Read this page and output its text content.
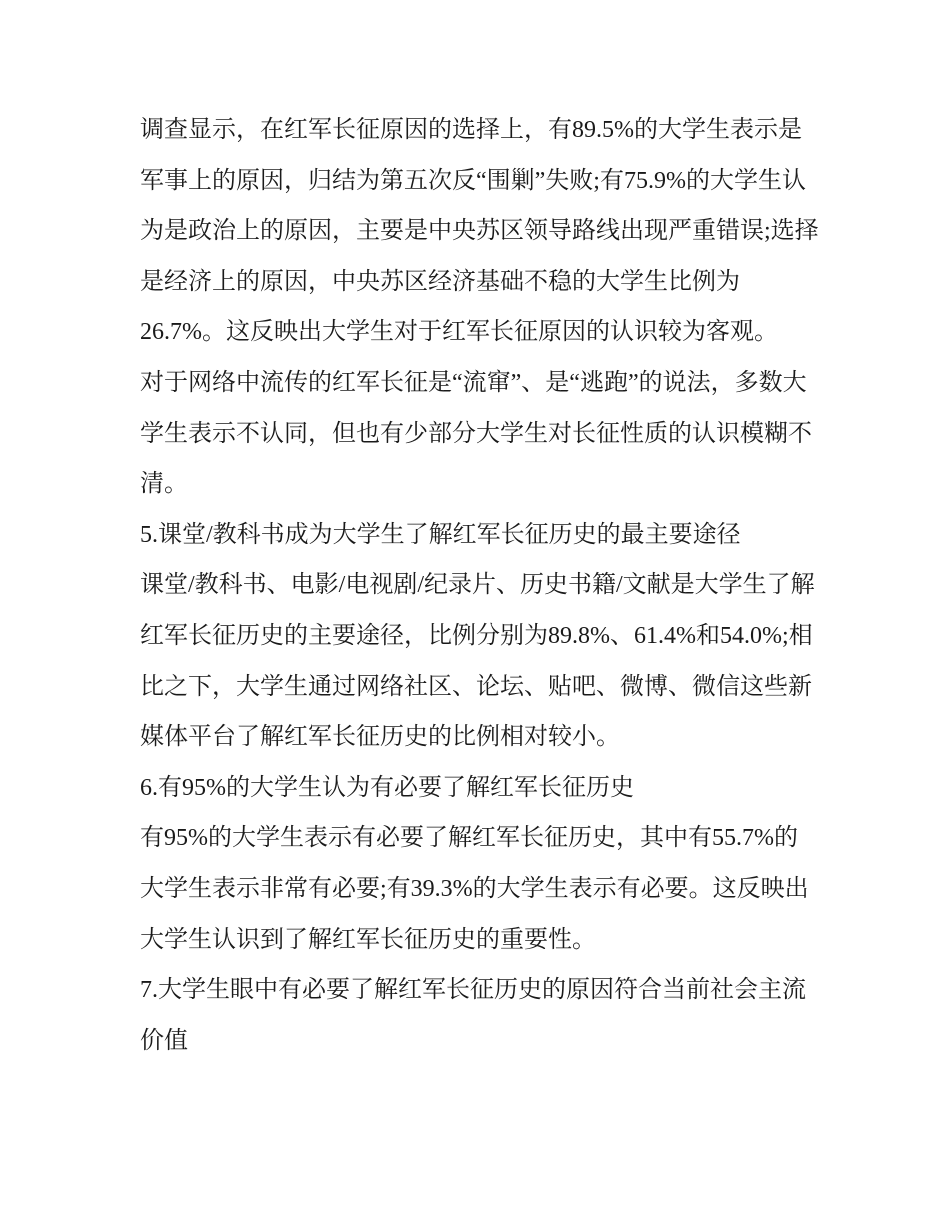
调查显示，在红军长征原因的选择上，有89.5%的大学生表示是军事上的原因，归结为第五次反“围剿”失败;有75.9%的大学生认为是政治上的原因，主要是中央苏区领导路线出现严重错误;选择是经济上的原因，中央苏区经济基础不稳的大学生比例为26.7%。这反映出大学生对于红军长征原因的认识较为客观。

对于网络中流传的红军长征是“流窜”、是“逃跑”的说法，多数大学生表示不认同，但也有少部分大学生对长征性质的认识模糊不清。

5.课堂/教科书成为大学生了解红军长征历史的最主要途径

课堂/教科书、电影/电视剧/纪录片、历史书籍/文献是大学生了解红军长征历史的主要途径，比例分别为89.8%、61.4%和54.0%;相比之下，大学生通过网络社区、论坛、贴吧、微博、微信这些新媒体平台了解红军长征历史的比例相对较小。

6.有95%的大学生认为有必要了解红军长征历史

有95%的大学生表示有必要了解红军长征历史，其中有55.7%的大学生表示非常有必要;有39.3%的大学生表示有必要。这反映出大学生认识到了解红军长征历史的重要性。

7.大学生眼中有必要了解红军长征历史的原因符合当前社会主流价值
